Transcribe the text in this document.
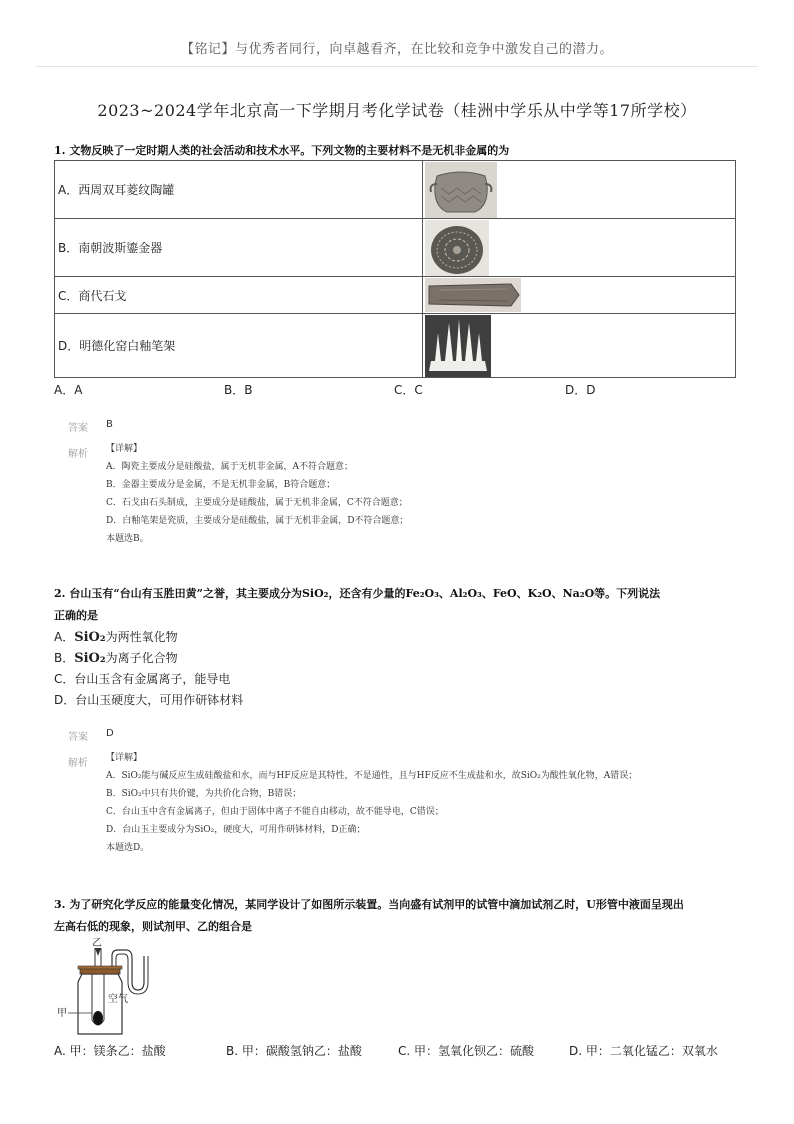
【铭记】与优秀者同行，向卓越看齐，在比较和竞争中激发自己的潜力。
2023~2024学年北京高一下学期月考化学试卷（桂洲中学乐从中学等17所学校）
1. 文物反映了一定时期人类的社会活动和技术水平。下列文物的主要材料不是无机非金属的为
A．西周双耳菱纹陶罐	

B．南朝波斯鎏金器	

C．商代石戈	

D．明德化窑白釉笔架	
A．A	B．B	C．C	D．D
答案 B
解析 【详解】
A．陶瓷主要成分是硅酸盐，属于无机非金属，A不符合题意；
B．金器主要成分是金属，不是无机非金属，B符合题意；
C．石戈由石头制成，主要成分是硅酸盐，属于无机非金属，C不符合题意；
D．白釉笔架是瓷质，主要成分是硅酸盐，属于无机非金属，D不符合题意；
本题选B。
2. 台山玉有“台山有玉胜田黄”之誉，其主要成分为SiO₂，还含有少量的Fe₂O₃、Al₂O₃、FeO、K₂O、Na₂O等。下列说法
正确的是
A．SiO₂为两性氧化物
B．SiO₂为离子化合物
C．台山玉含有金属离子，能导电
D．台山玉硬度大，可用作研钵材料
答案 D
解析 【详解】
A．SiO₂能与碱反应生成硅酸盐和水，而与HF反应是其特性，不是通性，且与HF反应不生成盐和水，故SiO₂为酸性氧化物，A错误；
B．SiO₂中只有共价键，为共价化合物，B错误；
C．台山玉中含有金属离子，但由于固体中离子不能自由移动，故不能导电，C错误；
D．台山玉主要成分为SiO₂，硬度大，可用作研钵材料，D正确；
本题选D。
3. 为了研究化学反应的能量变化情况，某同学设计了如图所示装置。当向盛有试剂甲的试管中滴加试剂乙时，U形管中液面呈现出
左高右低的现象，则试剂甲、乙的组合是
乙
甲
空气
A. 甲：镁条乙：盐酸	B. 甲：碳酸氢钠乙：盐酸	C. 甲：氢氧化钡乙：硫酸	D. 甲：二氧化锰乙：双氧水
